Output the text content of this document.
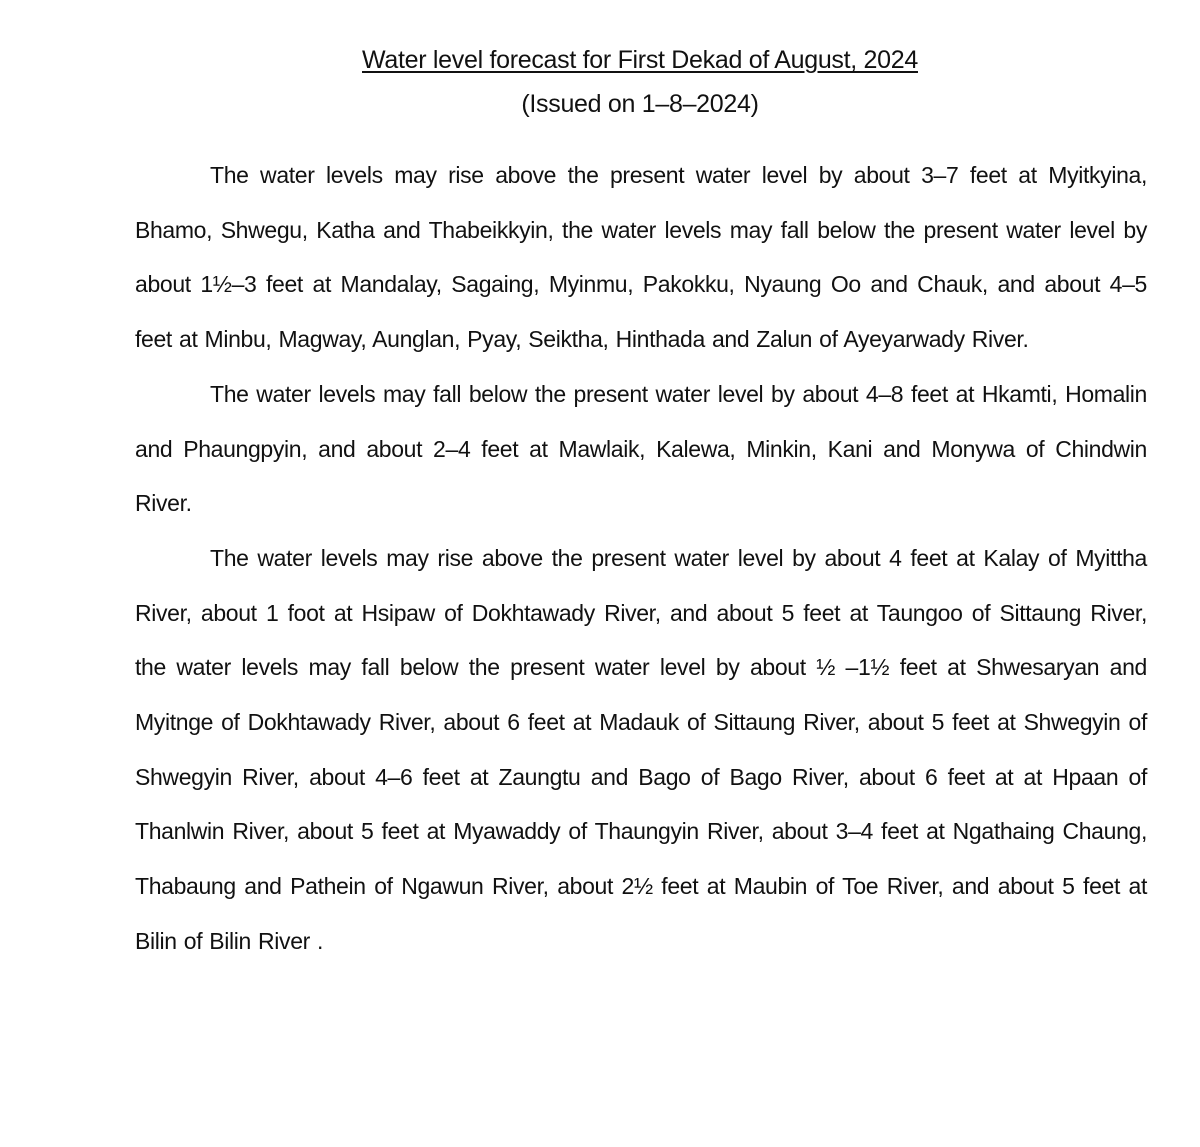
Water level forecast for First Dekad of August, 2024
(Issued on 1–8–2024)

The water levels may rise above the present water level by about 3–7 feet at Myitkyina, Bhamo, Shwegu, Katha and Thabeikkyin, the water levels may fall below the present water level by about 1½–3 feet at Mandalay, Sagaing, Myinmu, Pakokku, Nyaung Oo and Chauk, and about 4–5 feet at Minbu, Magway, Aunglan, Pyay, Seiktha, Hinthada and Zalun of Ayeyarwady River.

The water levels may fall below the present water level by about 4–8 feet at Hkamti, Homalin and Phaungpyin, and about 2–4 feet at Mawlaik, Kalewa, Minkin, Kani and Monywa of Chindwin River.

The water levels may rise above the present water level by about 4 feet at Kalay of Myittha River, about 1 foot at Hsipaw of Dokhtawady River, and about 5 feet at Taungoo of Sittaung River, the water levels may fall below the present water level by about ½ –1½ feet at Shwesaryan and Myitnge of Dokhtawady River, about 6 feet at Madauk of Sittaung River, about 5 feet at Shwegyin of Shwegyin River, about 4–6 feet at Zaungtu and Bago of Bago River, about 6 feet at at Hpaan of Thanlwin River, about 5 feet at Myawaddy of Thaungyin River, about 3–4 feet at Ngathaing Chaung, Thabaung and Pathein of Ngawun River, about 2½ feet at Maubin of Toe River, and about 5 feet at Bilin of Bilin River .
